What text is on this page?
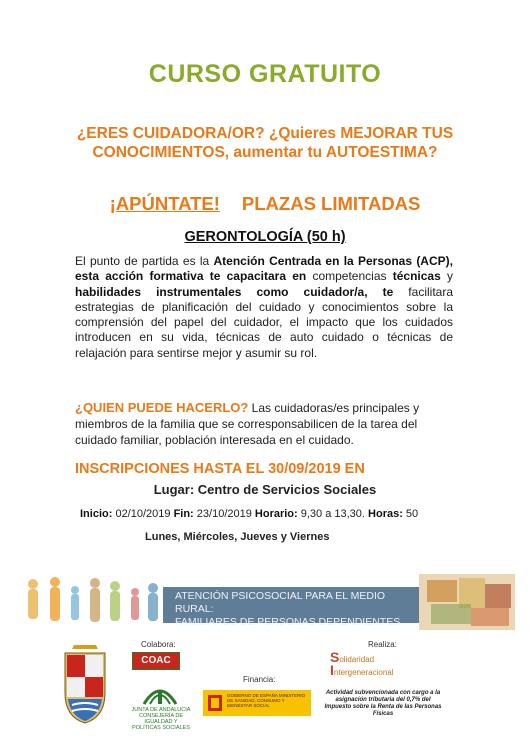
CURSO GRATUITO
¿ERES CUIDADORA/OR? ¿Quieres MEJORAR TUS CONOCIMIENTOS, aumentar tu AUTOESTIMA?
¡APÚNTATE! PLAZAS LIMITADAS
GERONTOLOGÍA (50 h)
El punto de partida es la Atención Centrada en la Personas (ACP), esta acción formativa te capacitara en competencias técnicas y habilidades instrumentales como cuidador/a, te facilitara estrategias de planificación del cuidado y conocimientos sobre la comprensión del papel del cuidador, el impacto que los cuidados introducen en su vida, técnicas de auto cuidado o técnicas de relajación para sentirse mejor y asumir su rol.
¿QUIEN PUEDE HACERLO? Las cuidadoras/es principales y miembros de la familia que se corresponsabilicen de la tarea del cuidado familiar, población interesada en el cuidado.
INSCRIPCIONES HASTA EL 30/09/2019 EN
Lugar: Centro de Servicios Sociales
Inicio: 02/10/2019 Fin: 23/10/2019 Horario: 9,30 a 13,30. Horas: 50
Lunes, Miércoles, Jueves y Viernes
ATENCIÓN PSICOSOCIAL PARA EL MEDIO RURAL:
FAMILIARES DE PERSONAS DEPENDIENTES
Colabora:	Realiza:
Financia:
COAC
JUNTA DE ANDALUCIA
CONSEJERÍA DE IGUALDAD Y POLÍTICAS SOCIALES
GOBIERNO DE ESPAÑA MINISTERIO DE SANIDAD, CONSUMO Y BIENESTAR SOCIAL
Solidaridad
Intergeneracional
Actividad subvencionada con cargo a la asignación tributaria del 0,7% del Impuesto sobre la Renta de las Personas Físicas
